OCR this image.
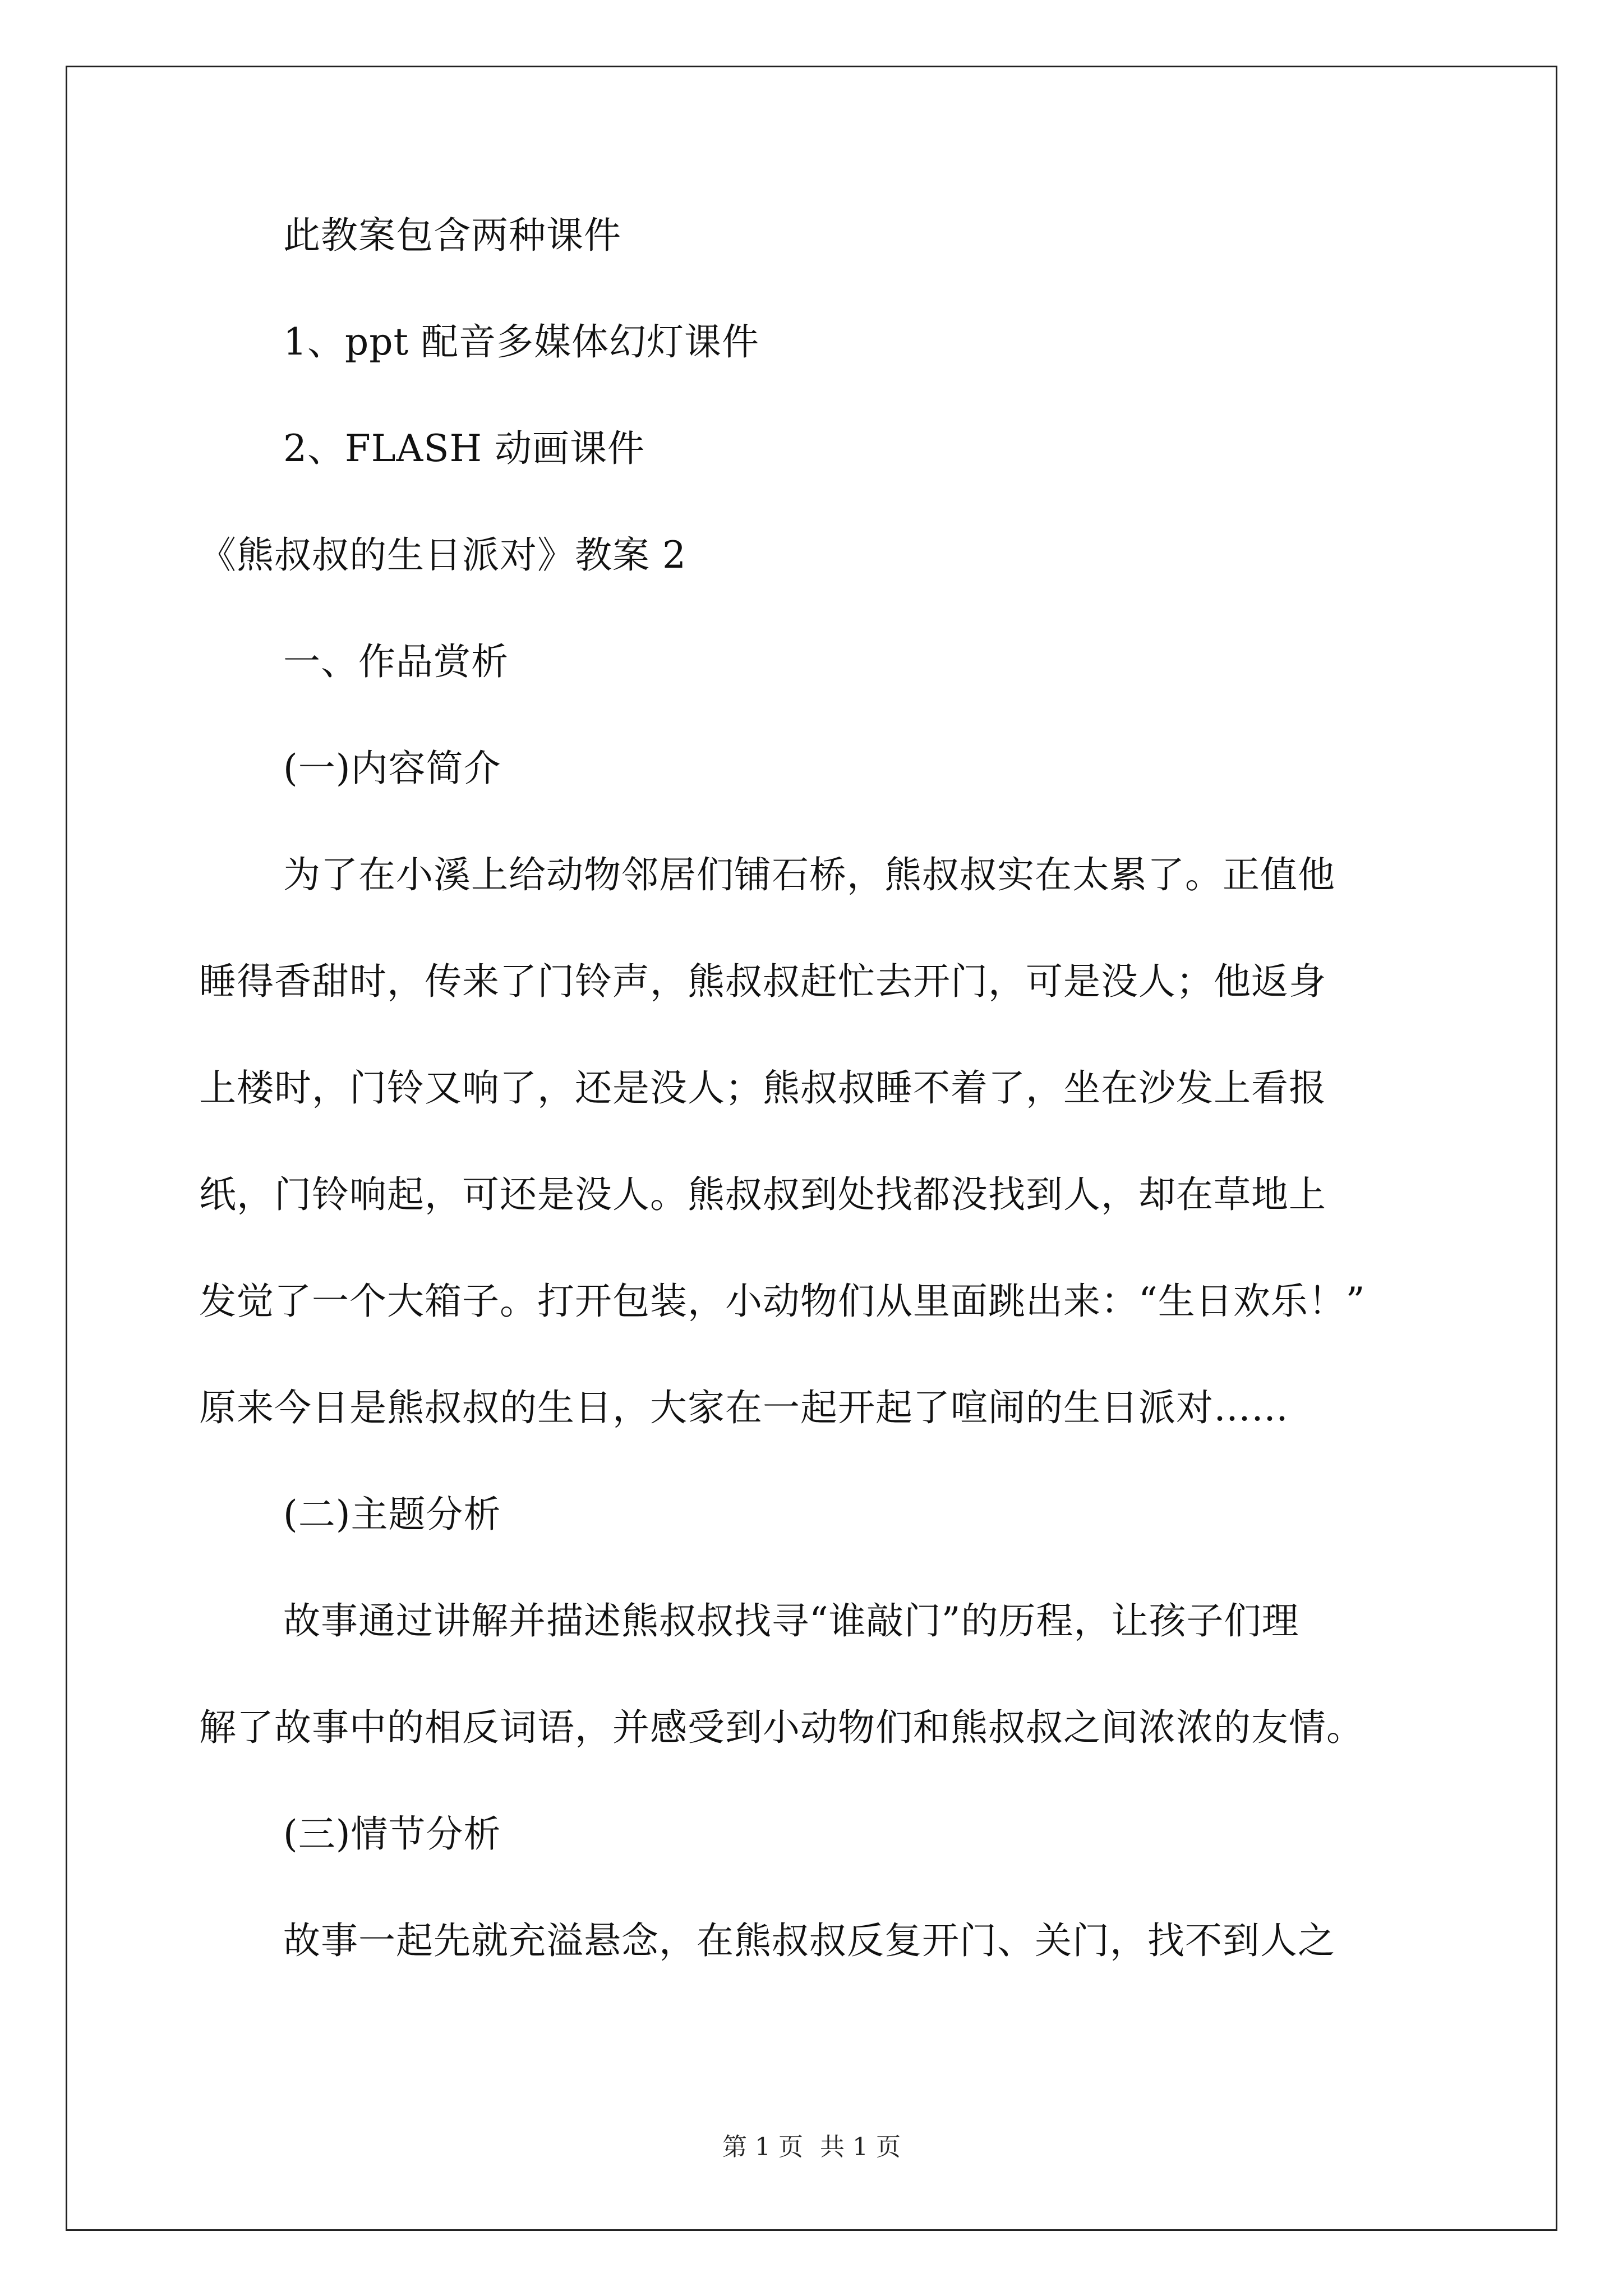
此教案包含两种课件
1、ppt 配音多媒体幻灯课件
2、FLASH 动画课件
《熊叔叔的生日派对》教案 2
一、作品赏析
(一)内容简介
为了在小溪上给动物邻居们铺石桥，熊叔叔实在太累了。正值他
睡得香甜时，传来了门铃声，熊叔叔赶忙去开门，可是没人；他返身
上楼时，门铃又响了，还是没人；熊叔叔睡不着了，坐在沙发上看报
纸，门铃响起，可还是没人。熊叔叔到处找都没找到人，却在草地上
发觉了一个大箱子。打开包装，小动物们从里面跳出来：“生日欢乐！”
原来今日是熊叔叔的生日，大家在一起开起了喧闹的生日派对……
(二)主题分析
故事通过讲解并描述熊叔叔找寻“谁敲门”的历程，让孩子们理
解了故事中的相反词语，并感受到小动物们和熊叔叔之间浓浓的友情。
(三)情节分析
故事一起先就充溢悬念，在熊叔叔反复开门、关门，找不到人之
第 1 页 共 1 页
